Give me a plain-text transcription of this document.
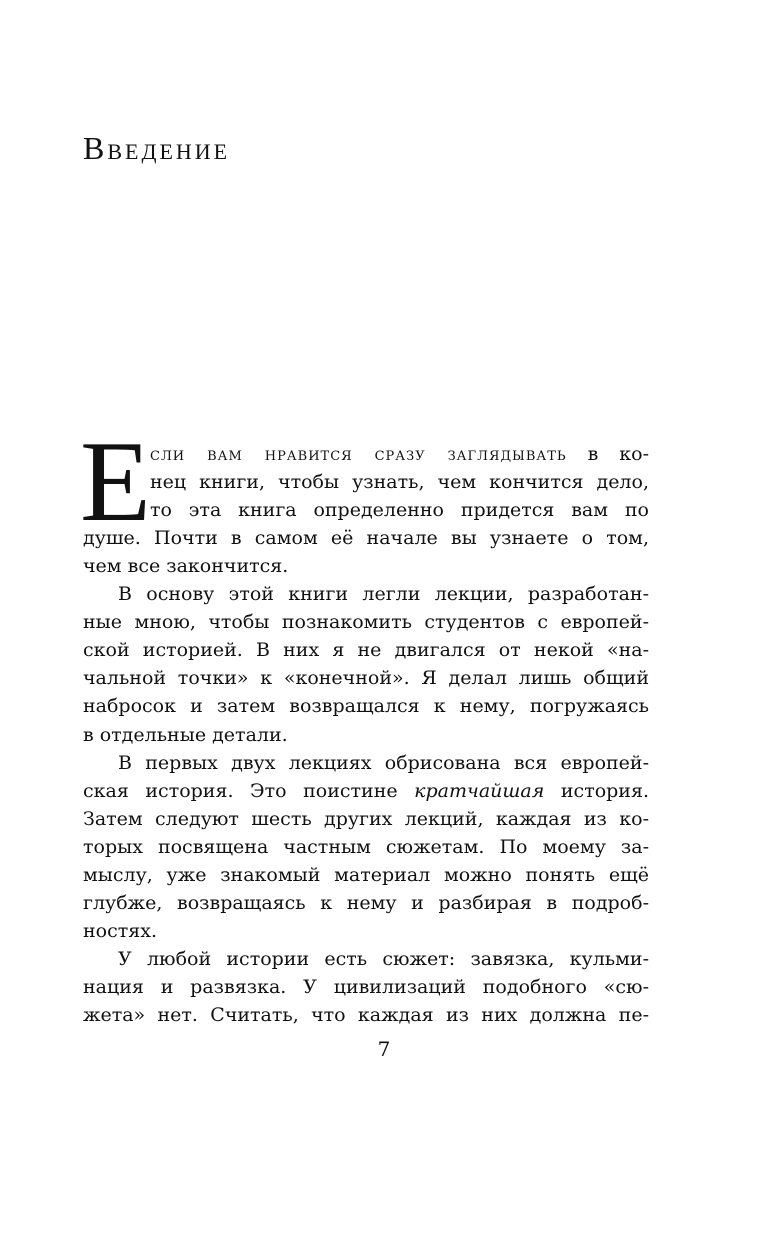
Введение
Е сли вам нравится сразу заглядывать в ко-

нец книги, чтобы узнать, чем кончится дело,

то эта книга определенно придется вам по

душе. Почти в самом её начале вы узнаете о том,

чем все закончится.

В основу этой книги легли лекции, разработан-

ные мною, чтобы познакомить студентов с европей-

ской историей. В них я не двигался от некой «на-

чальной точки» к «конечной». Я делал лишь общий

набросок и затем возвращался к нему, погружаясь

в отдельные детали.

В первых двух лекциях обрисована вся европей-

ская история. Это поистине кратчайшая история.

Затем следуют шесть других лекций, каждая из ко-

торых посвящена частным сюжетам. По моему за-

мыслу, уже знакомый материал можно понять ещё

глубже, возвращаясь к нему и разбирая в подроб-

ностях.

У любой истории есть сюжет: завязка, кульми-

нация и развязка. У цивилизаций подобного «сю-

жета» нет. Считать, что каждая из них должна пе-

7
